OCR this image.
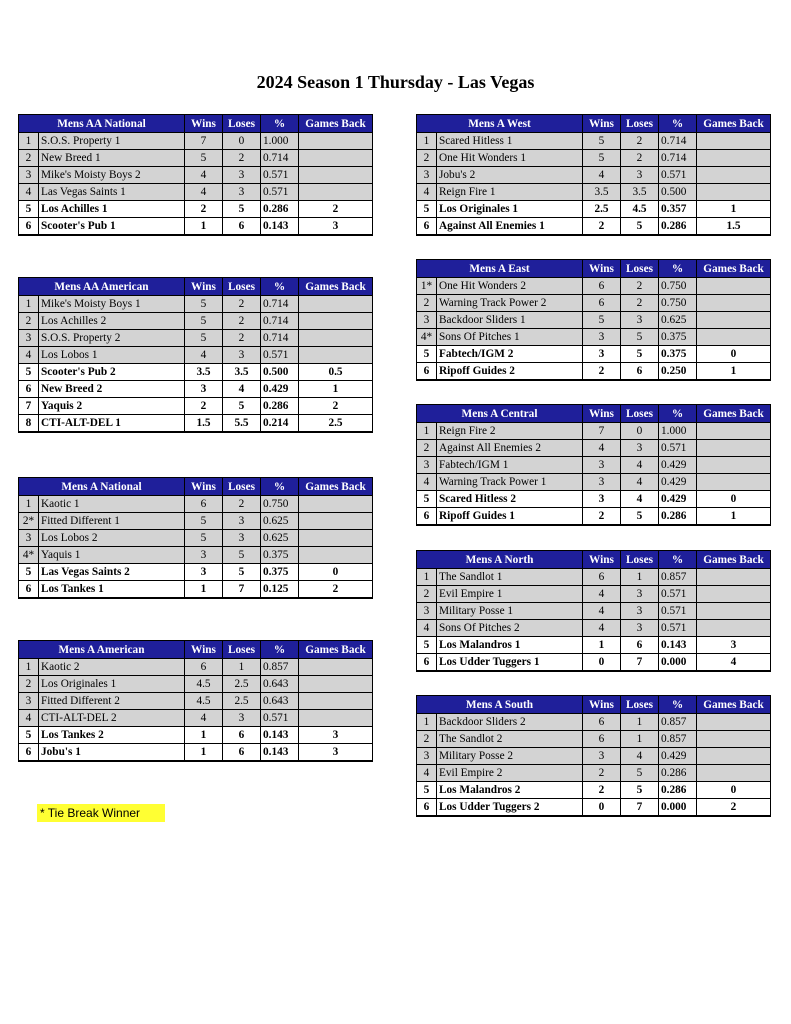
2024 Season 1 Thursday - Las Vegas
Mens AA National		Wins	Loses	%	Games Back
1	S.O.S. Property 1	7	0	1.000	
2	New Breed 1	5	2	0.714	
3	Mike's Moisty Boys 2	4	3	0.571	
4	Las Vegas Saints 1	4	3	0.571	
5	Los Achilles 1	2	5	0.286	2
6	Scooter's Pub 1	1	6	0.143	3
Mens AA American		Wins	Loses	%	Games Back
1	Mike's Moisty Boys 1	5	2	0.714	
2	Los Achilles 2	5	2	0.714	
3	S.O.S. Property 2	5	2	0.714	
4	Los Lobos 1	4	3	0.571	
5	Scooter's Pub 2	3.5	3.5	0.500	0.5
6	New Breed 2	3	4	0.429	1
7	Yaquis 2	2	5	0.286	2
8	CTI-ALT-DEL 1	1.5	5.5	0.214	2.5
Mens A National		Wins	Loses	%	Games Back
1	Kaotic 1	6	2	0.750	
2*	Fitted Different 1	5	3	0.625	
3	Los Lobos 2	5	3	0.625	
4*	Yaquis 1	3	5	0.375	
5	Las Vegas Saints 2	3	5	0.375	0
6	Los Tankes 1	1	7	0.125	2
Mens A American		Wins	Loses	%	Games Back
1	Kaotic 2	6	1	0.857	
2	Los Originales 1	4.5	2.5	0.643	
3	Fitted Different 2	4.5	2.5	0.643	
4	CTI-ALT-DEL 2	4	3	0.571	
5	Los Tankes 2	1	6	0.143	3
6	Jobu's 1	1	6	0.143	3
Mens A West		Wins	Loses	%	Games Back
1	Scared Hitless 1	5	2	0.714	
2	One Hit Wonders 1	5	2	0.714	
3	Jobu's 2	4	3	0.571	
4	Reign Fire 1	3.5	3.5	0.500	
5	Los Originales 1	2.5	4.5	0.357	1
6	Against All Enemies 1	2	5	0.286	1.5
Mens A East		Wins	Loses	%	Games Back
1*	One Hit Wonders 2	6	2	0.750	
2	Warning Track Power 2	6	2	0.750	
3	Backdoor Sliders 1	5	3	0.625	
4*	Sons Of Pitches 1	3	5	0.375	
5	Fabtech/IGM 2	3	5	0.375	0
6	Ripoff Guides 2	2	6	0.250	1
Mens A Central		Wins	Loses	%	Games Back
1	Reign Fire 2	7	0	1.000	
2	Against All Enemies 2	4	3	0.571	
3	Fabtech/IGM 1	3	4	0.429	
4	Warning Track Power 1	3	4	0.429	
5	Scared Hitless 2	3	4	0.429	0
6	Ripoff Guides 1	2	5	0.286	1
Mens A North		Wins	Loses	%	Games Back
1	The Sandlot 1	6	1	0.857	
2	Evil Empire 1	4	3	0.571	
3	Military Posse 1	4	3	0.571	
4	Sons Of Pitches 2	4	3	0.571	
5	Los Malandros 1	1	6	0.143	3
6	Los Udder Tuggers 1	0	7	0.000	4
Mens A South		Wins	Loses	%	Games Back
1	Backdoor Sliders 2	6	1	0.857	
2	The Sandlot 2	6	1	0.857	
3	Military Posse 2	3	4	0.429	
4	Evil Empire 2	2	5	0.286	
5	Los Malandros 2	2	5	0.286	0
6	Los Udder Tuggers 2	0	7	0.000	2
* Tie Break Winner
